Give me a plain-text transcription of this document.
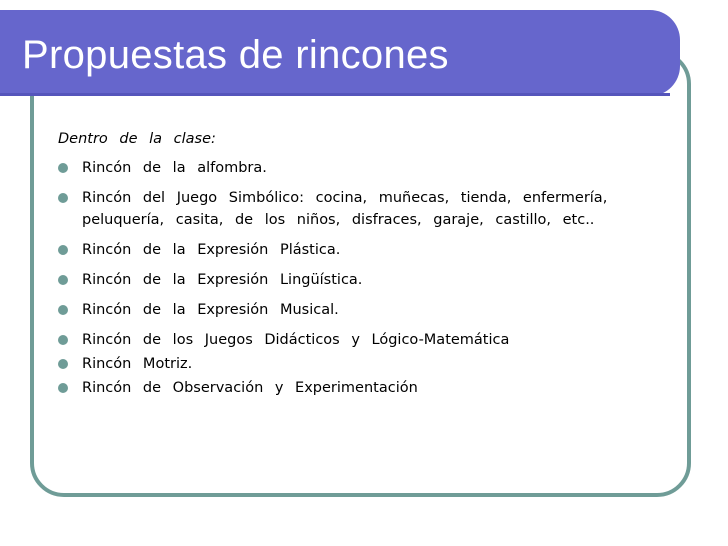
Propuestas de rincones

Dentro de la clase:

Rincón de la alfombra.
Rincón del Juego Simbólico: cocina, muñecas, tienda, enfermería, peluquería, casita, de los niños, disfraces, garaje, castillo, etc..
Rincón de la Expresión Plástica.
Rincón de la Expresión Lingüística.
Rincón de la Expresión Musical.
Rincón de los Juegos Didácticos y Lógico-Matemática
Rincón Motriz.
Rincón de Observación y Experimentación
